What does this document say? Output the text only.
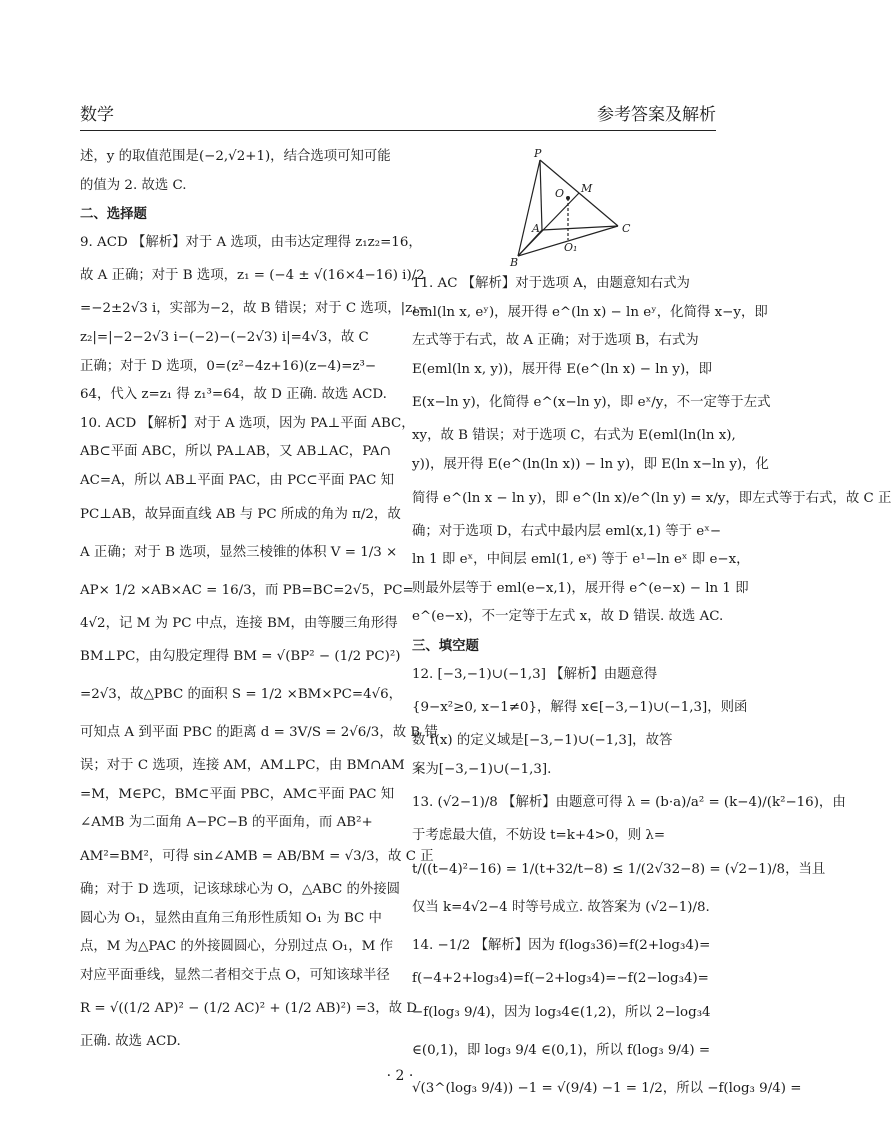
数学	参考答案及解析

述，y 的取值范围是(−2,√2+1)，结合选项可知可能

的值为 2. 故选 C.

二、选择题

9. ACD 【解析】对于 A 选项，由韦达定理得 z₁z₂=16，

故 A 正确；对于 B 选项，z₁ = (−4 ± √(16×4−16) i)/2

=−2±2√3 i，实部为−2，故 B 错误；对于 C 选项，|z₁−

z₂|=|−2−2√3 i−(−2)−(−2√3) i|=4√3，故 C

正确；对于 D 选项，0=(z²−4z+16)(z−4)=z³−

64，代入 z=z₁ 得 z₁³=64，故 D 正确. 故选 ACD.

10. ACD 【解析】对于 A 选项，因为 PA⊥平面 ABC，

AB⊂平面 ABC，所以 PA⊥AB，又 AB⊥AC，PA∩

AC=A，所以 AB⊥平面 PAC，由 PC⊂平面 PAC 知

PC⊥AB，故异面直线 AB 与 PC 所成的角为 π/2，故

A 正确；对于 B 选项，显然三棱锥的体积 V = 1/3 ×

AP× 1/2 ×AB×AC = 16/3，而 PB=BC=2√5，PC=

4√2，记 M 为 PC 中点，连接 BM，由等腰三角形得

BM⊥PC，由勾股定理得 BM = √(BP² − (1/2 PC)²)

=2√3，故△PBC 的面积 S = 1/2 ×BM×PC=4√6，

可知点 A 到平面 PBC 的距离 d = 3V/S = 2√6/3，故 B 错

误；对于 C 选项，连接 AM，AM⊥PC，由 BM∩AM

=M，M∈PC，BM⊂平面 PBC，AM⊂平面 PAC 知

∠AMB 为二面角 A−PC−B 的平面角，而 AB²+

AM²=BM²，可得 sin∠AMB = AB/BM = √3/3，故 C 正

确；对于 D 选项，记该球球心为 O，△ABC 的外接圆

圆心为 O₁，显然由直角三角形性质知 O₁ 为 BC 中

点，M 为△PAC 的外接圆圆心，分别过点 O₁，M 作

对应平面垂线，显然二者相交于点 O，可知该球半径

R = √((1/2 AP)² − (1/2 AC)² + (1/2 AB)²) =3，故 D

正确. 故选 ACD.

P
O M
A
O₁
C
B

11. AC 【解析】对于选项 A，由题意知右式为

eml(ln x, eʸ)，展开得 e^(ln x) − ln eʸ，化简得 x−y，即

左式等于右式，故 A 正确；对于选项 B，右式为

E(eml(ln x, y))，展开得 E(e^(ln x) − ln y)，即

E(x−ln y)，化简得 e^(x−ln y)，即 eˣ/y，不一定等于左式

xy，故 B 错误；对于选项 C，右式为 E(eml(ln(ln x),

y))，展开得 E(e^(ln(ln x)) − ln y)，即 E(ln x−ln y)，化

简得 e^(ln x − ln y)，即 e^(ln x)/e^(ln y) = x/y，即左式等于右式，故 C 正

确；对于选项 D，右式中最内层 eml(x,1) 等于 eˣ−

ln 1 即 eˣ，中间层 eml(1, eˣ) 等于 e¹−ln eˣ 即 e−x，

则最外层等于 eml(e−x,1)，展开得 e^(e−x) − ln 1 即

e^(e−x)，不一定等于左式 x，故 D 错误. 故选 AC.

三、填空题

12. [−3,−1)∪(−1,3] 【解析】由题意得

{9−x²≥0, x−1≠0}，解得 x∈[−3,−1)∪(−1,3]，则函

数 f(x) 的定义域是[−3,−1)∪(−1,3]，故答

案为[−3,−1)∪(−1,3].

13. (√2−1)/8 【解析】由题意可得 λ = (b·a)/a² = (k−4)/(k²−16)，由

于考虑最大值，不妨设 t=k+4>0，则 λ=

t/((t−4)²−16) = 1/(t+32/t−8) ≤ 1/(2√32−8) = (√2−1)/8，当且

仅当 k=4√2−4 时等号成立. 故答案为 (√2−1)/8.

14. −1/2 【解析】因为 f(log₃36)=f(2+log₃4)=

f(−4+2+log₃4)=f(−2+log₃4)=−f(2−log₃4)=

−f(log₃ 9/4)，因为 log₃4∈(1,2)，所以 2−log₃4

∈(0,1)，即 log₃ 9/4 ∈(0,1)，所以 f(log₃ 9/4) =

√(3^(log₃ 9/4)) −1 = √(9/4) −1 = 1/2，所以 −f(log₃ 9/4) =

· 2 ·
